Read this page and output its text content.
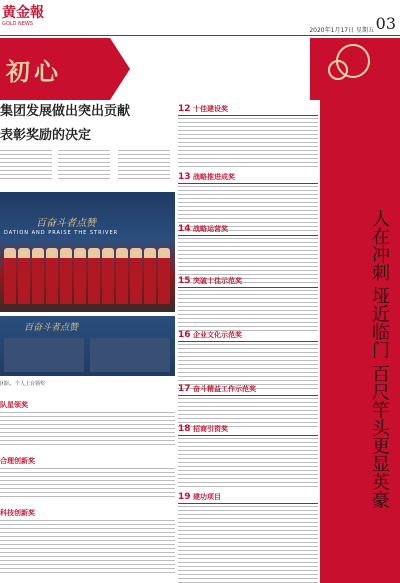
黄金報
GOLD NEWS
2020年1月17日 星期五 03
初心
集团发展做出突出贡献
表彰奖励的决定
百奋斗者点赞
DATION AND PRAISE THE STRIVER
百奋斗者点赞
团队、个人上台领奖
队星领奖
合理创新奖
科技创新奖
12 十佳建设奖
13 战略推进成奖
14 战略运营奖
15 突破十佳示范奖
16 企业文化示范奖
17 奋斗精益工作示范奖
18 招商引资奖
19 建功项目	人在冲刺 垭近临门 百尺竿头更显英豪
